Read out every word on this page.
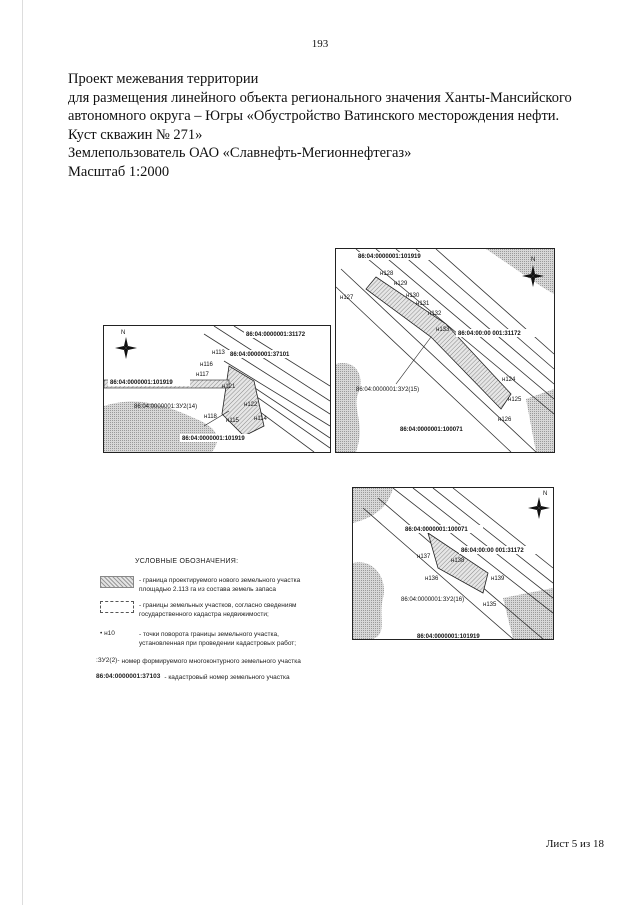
193
Проект межевания территории
для размещения линейного объекта регионального значения Ханты-Мансийского
автономного округа – Югры «Обустройство Ватинского месторождения нефти.
Куст скважин № 271»
Землепользователь ОАО «Славнефть-Мегионнефтегаз»
Масштаб 1:2000
N	86:04:0000001:31172
86:04:0000001:37101
86:04:0000001:101919
86:04:0000001:101919
86:04:0000001:ЗУ2(14)
н113
н116
н117
н121
н122
н115	н114
н118
N
86:04:0000001:101919
86:04:00:00 001:31172
86:04:0000001:100071
86:04:0000001:ЗУ2(15)
н128
н127
н129
н130
н131
н132
н133
н124
н125
н126
N
86:04:0000001:100071
86:04:00:00 001:31172
86:04:0000001:101919
86:04:0000001:ЗУ2(16)
н137
н138
н136	н139
н135
УСЛОВНЫЕ ОБОЗНАЧЕНИЯ:
- граница проектируемого нового земельного участка
площадью 2.113 га из состава земель запаса
- границы земельных участков, согласно сведениям
государственного кадастра недвижимости;
• н10	- точки поворота границы земельного участка,
установленная при проведении кадастровых работ;
:ЗУ2(2)- номер формируемого многоконтурного земельного участка
86:04:0000001:37103 - кадастровый номер земельного участка
Лист 5 из 18
